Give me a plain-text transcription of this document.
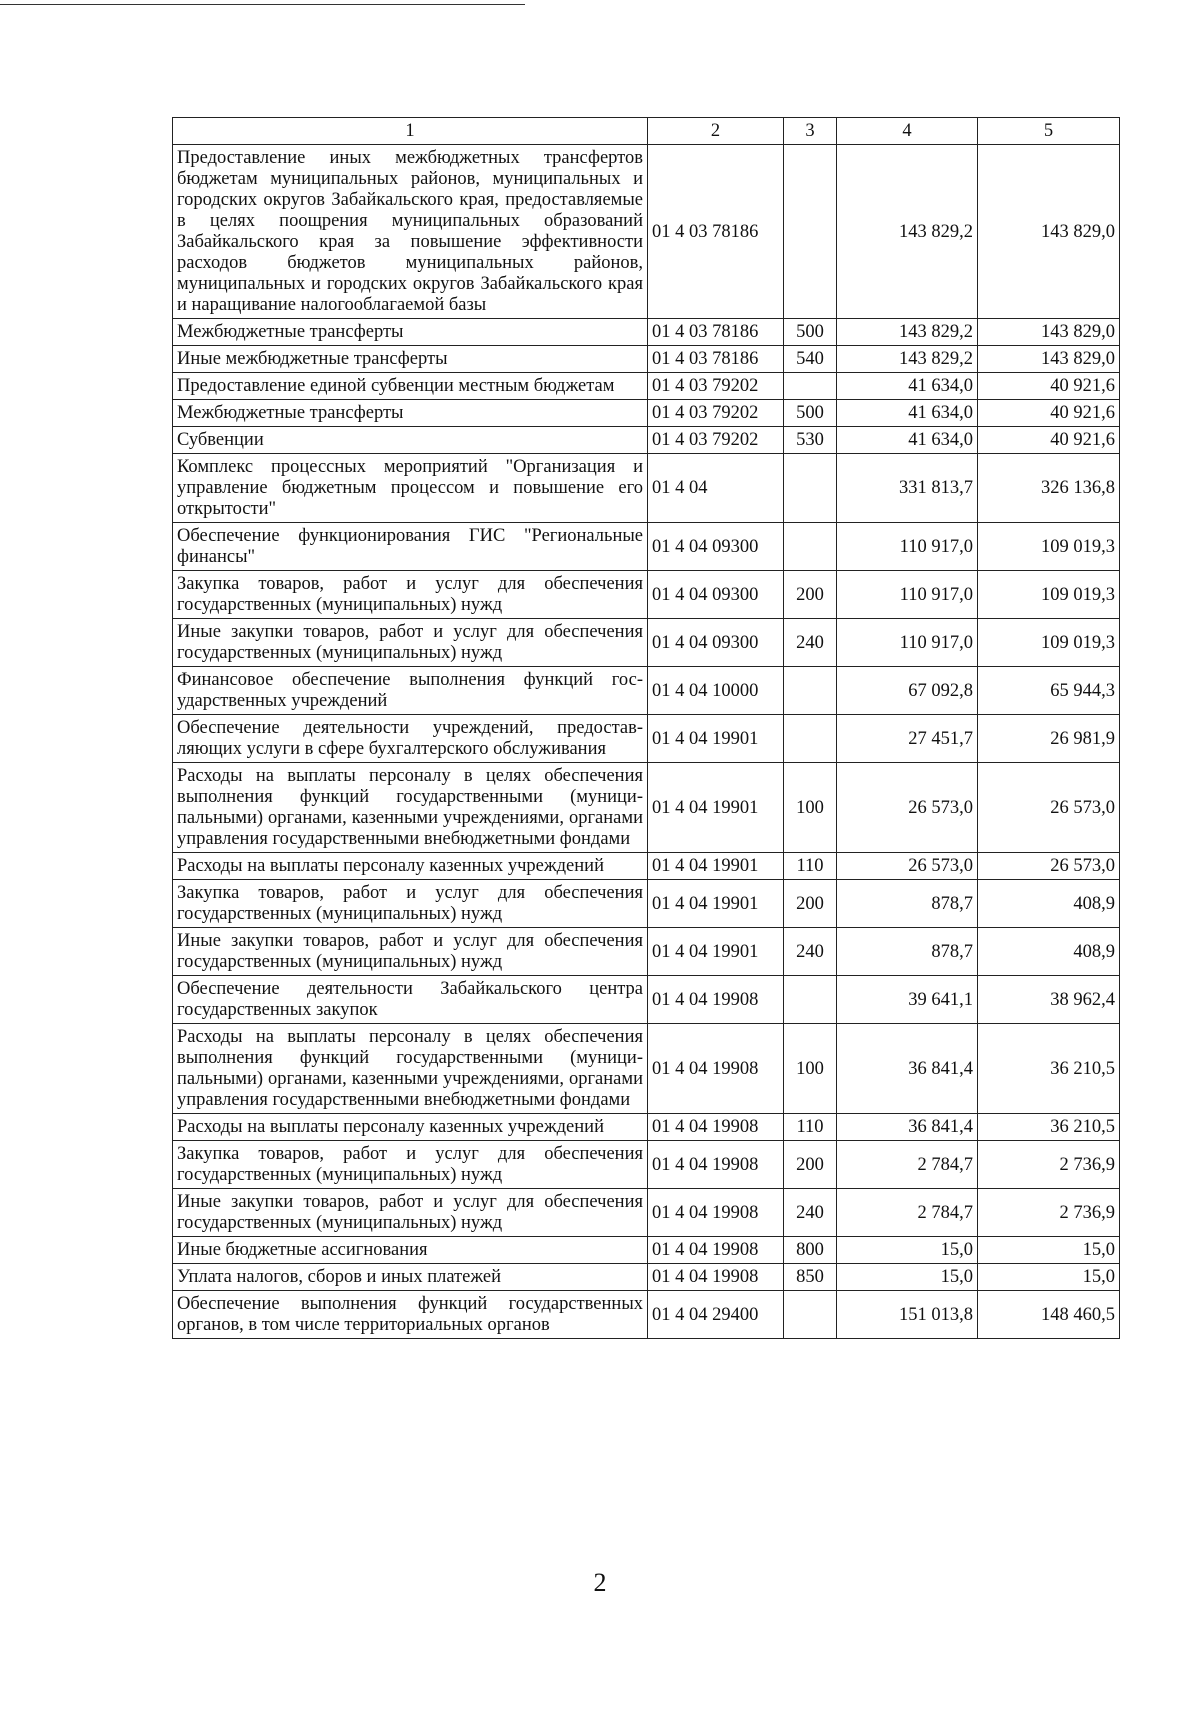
1	2	3	4	5
Предоставление иных межбюджетных трансфертов бюджетам муниципальных районов, муниципальных и городских округов Забайкальского края, предоставляемые в целях поощрения муниципальных образований Забайкальского края за повышение эффективности расходов бюджетов муниципальных районов, муниципальных и городских округов Забайкальского края и наращивание налогооблагаемой базы	01 4 03 78186		143 829,2	143 829,0
Межбюджетные трансферты	01 4 03 78186	500	143 829,2	143 829,0
Иные межбюджетные трансферты	01 4 03 78186	540	143 829,2	143 829,0
Предоставление единой субвенции местным бюджетам	01 4 03 79202		41 634,0	40 921,6
Межбюджетные трансферты	01 4 03 79202	500	41 634,0	40 921,6
Субвенции	01 4 03 79202	530	41 634,0	40 921,6
Комплекс процессных мероприятий "Организация и управление бюджетным процессом и повышение его открытости"	01 4 04		331 813,7	326 136,8
Обеспечение функционирования ГИС "Региональные финансы"	01 4 04 09300		110 917,0	109 019,3
Закупка товаров, работ и услуг для обеспечения государственных (муниципальных) нужд	01 4 04 09300	200	110 917,0	109 019,3
Иные закупки товаров, работ и услуг для обеспечения государственных (муниципальных) нужд	01 4 04 09300	240	110 917,0	109 019,3
Финансовое обеспечение выполнения функций государственных учреждений	01 4 04 10000		67 092,8	65 944,3
Обеспечение деятельности учреждений, предоставляющих услуги в сфере бухгалтерского обслуживания	01 4 04 19901		27 451,7	26 981,9
Расходы на выплаты персоналу в целях обеспечения выполнения функций государственными (муниципальными) органами, казенными учреждениями, органами управления государственными внебюджетными фондами	01 4 04 19901	100	26 573,0	26 573,0
Расходы на выплаты персоналу казенных учреждений	01 4 04 19901	110	26 573,0	26 573,0
Закупка товаров, работ и услуг для обеспечения государственных (муниципальных) нужд	01 4 04 19901	200	878,7	408,9
Иные закупки товаров, работ и услуг для обеспечения государственных (муниципальных) нужд	01 4 04 19901	240	878,7	408,9
Обеспечение деятельности Забайкальского центра государственных закупок	01 4 04 19908		39 641,1	38 962,4
Расходы на выплаты персоналу в целях обеспечения выполнения функций государственными (муниципальными) органами, казенными учреждениями, органами управления государственными внебюджетными фондами	01 4 04 19908	100	36 841,4	36 210,5
Расходы на выплаты персоналу казенных учреждений	01 4 04 19908	110	36 841,4	36 210,5
Закупка товаров, работ и услуг для обеспечения государственных (муниципальных) нужд	01 4 04 19908	200	2 784,7	2 736,9
Иные закупки товаров, работ и услуг для обеспечения государственных (муниципальных) нужд	01 4 04 19908	240	2 784,7	2 736,9
Иные бюджетные ассигнования	01 4 04 19908	800	15,0	15,0
Уплата налогов, сборов и иных платежей	01 4 04 19908	850	15,0	15,0
Обеспечение выполнения функций государственных органов, в том числе территориальных органов	01 4 04 29400		151 013,8	148 460,5
2
